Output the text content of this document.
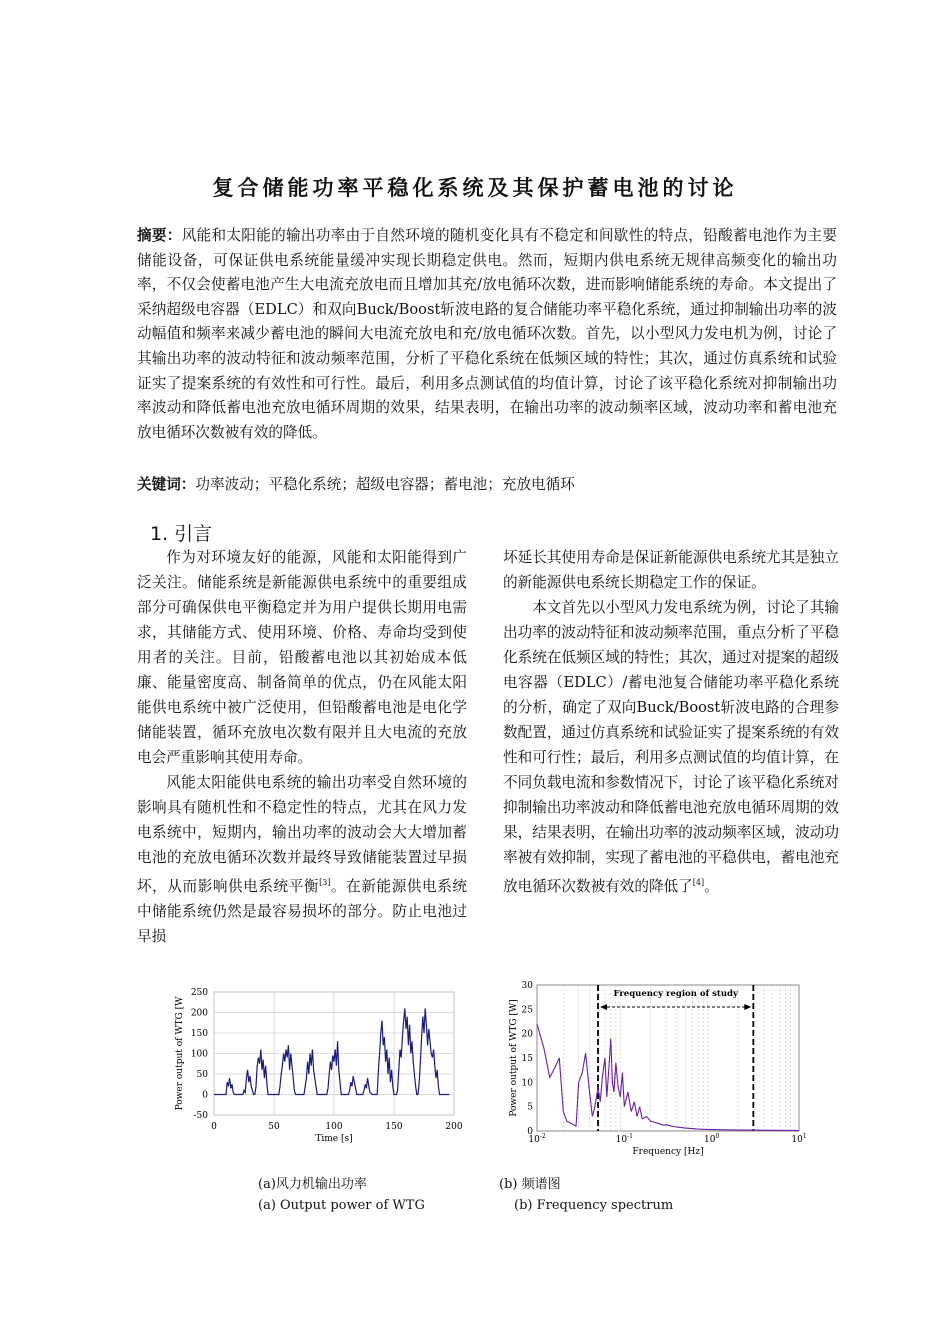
复合储能功率平稳化系统及其保护蓄电池的讨论
摘要：风能和太阳能的输出功率由于自然环境的随机变化具有不稳定和间歇性的特点，铅酸蓄电池作为主要储能设备，可保证供电系统能量缓冲实现长期稳定供电。然而，短期内供电系统无规律高频变化的输出功率，不仅会使蓄电池产生大电流充放电而且增加其充/放电循环次数，进而影响储能系统的寿命。本文提出了采纳超级电容器（EDLC）和双向Buck/Boost斩波电路的复合储能功率平稳化系统，通过抑制输出功率的波动幅值和频率来减少蓄电池的瞬间大电流充放电和充/放电循环次数。首先，以小型风力发电机为例，讨论了其输出功率的波动特征和波动频率范围，分析了平稳化系统在低频区域的特性；其次，通过仿真系统和试验证实了提案系统的有效性和可行性。最后，利用多点测试值的均值计算，讨论了该平稳化系统对抑制输出功率波动和降低蓄电池充放电循环周期的效果，结果表明，在输出功率的波动频率区域，波动功率和蓄电池充放电循环次数被有效的降低。
关键词：功率波动；平稳化系统；超级电容器；蓄电池；充放电循环
1. 引言

作为对环境友好的能源，风能和太阳能得到广泛关注。储能系统是新能源供电系统中的重要组成部分可确保供电平衡稳定并为用户提供长期用电需求，其储能方式、使用环境、价格、寿命均受到使用者的关注。目前，铅酸蓄电池以其初始成本低廉、能量密度高、制备简单的优点，仍在风能太阳能供电系统中被广泛使用，但铅酸蓄电池是电化学储能装置，循环充放电次数有限并且大电流的充放电会严重影响其使用寿命。

风能太阳能供电系统的输出功率受自然环境的影响具有随机性和不稳定性的特点，尤其在风力发电系统中，短期内，输出功率的波动会大大增加蓄电池的充放电循环次数并最终导致储能装置过早损坏，从而影响供电系统平衡[3]。在新能源供电系统中储能系统仍然是最容易损坏的部分。防止电池过早损

坏延长其使用寿命是保证新能源供电系统尤其是独立的新能源供电系统长期稳定工作的保证。

本文首先以小型风力发电系统为例，讨论了其输出功率的波动特征和波动频率范围，重点分析了平稳化系统在低频区域的特性；其次，通过对提案的超级电容器（EDLC）/蓄电池复合储能功率平稳化系统的分析，确定了双向Buck/Boost斩波电路的合理参数配置，通过仿真系统和试验证实了提案系统的有效性和可行性；最后，利用多点测试值的均值计算，在不同负载电流和参数情况下，讨论了该平稳化系统对抑制输出功率波动和降低蓄电池充放电循环周期的效果，结果表明，在输出功率的波动频率区域，波动功率被有效抑制，实现了蓄电池的平稳供电，蓄电池充放电循环次数被有效的降低了[4]。

-50
0
50
100
150
200
250
0	50	100	150	200
Time [s]
Power output of WTG [W
0
5
10
15
20
25
30
$10^{-2}$	$10^{-1}$	$10^0$	$10^1$
Frequency [Hz]
Power output of WTG [W]
Frequency region of study
(a)风力机输出功率
(a) Output power of WTG
(b) 频谱图
(b) Frequency spectrum
